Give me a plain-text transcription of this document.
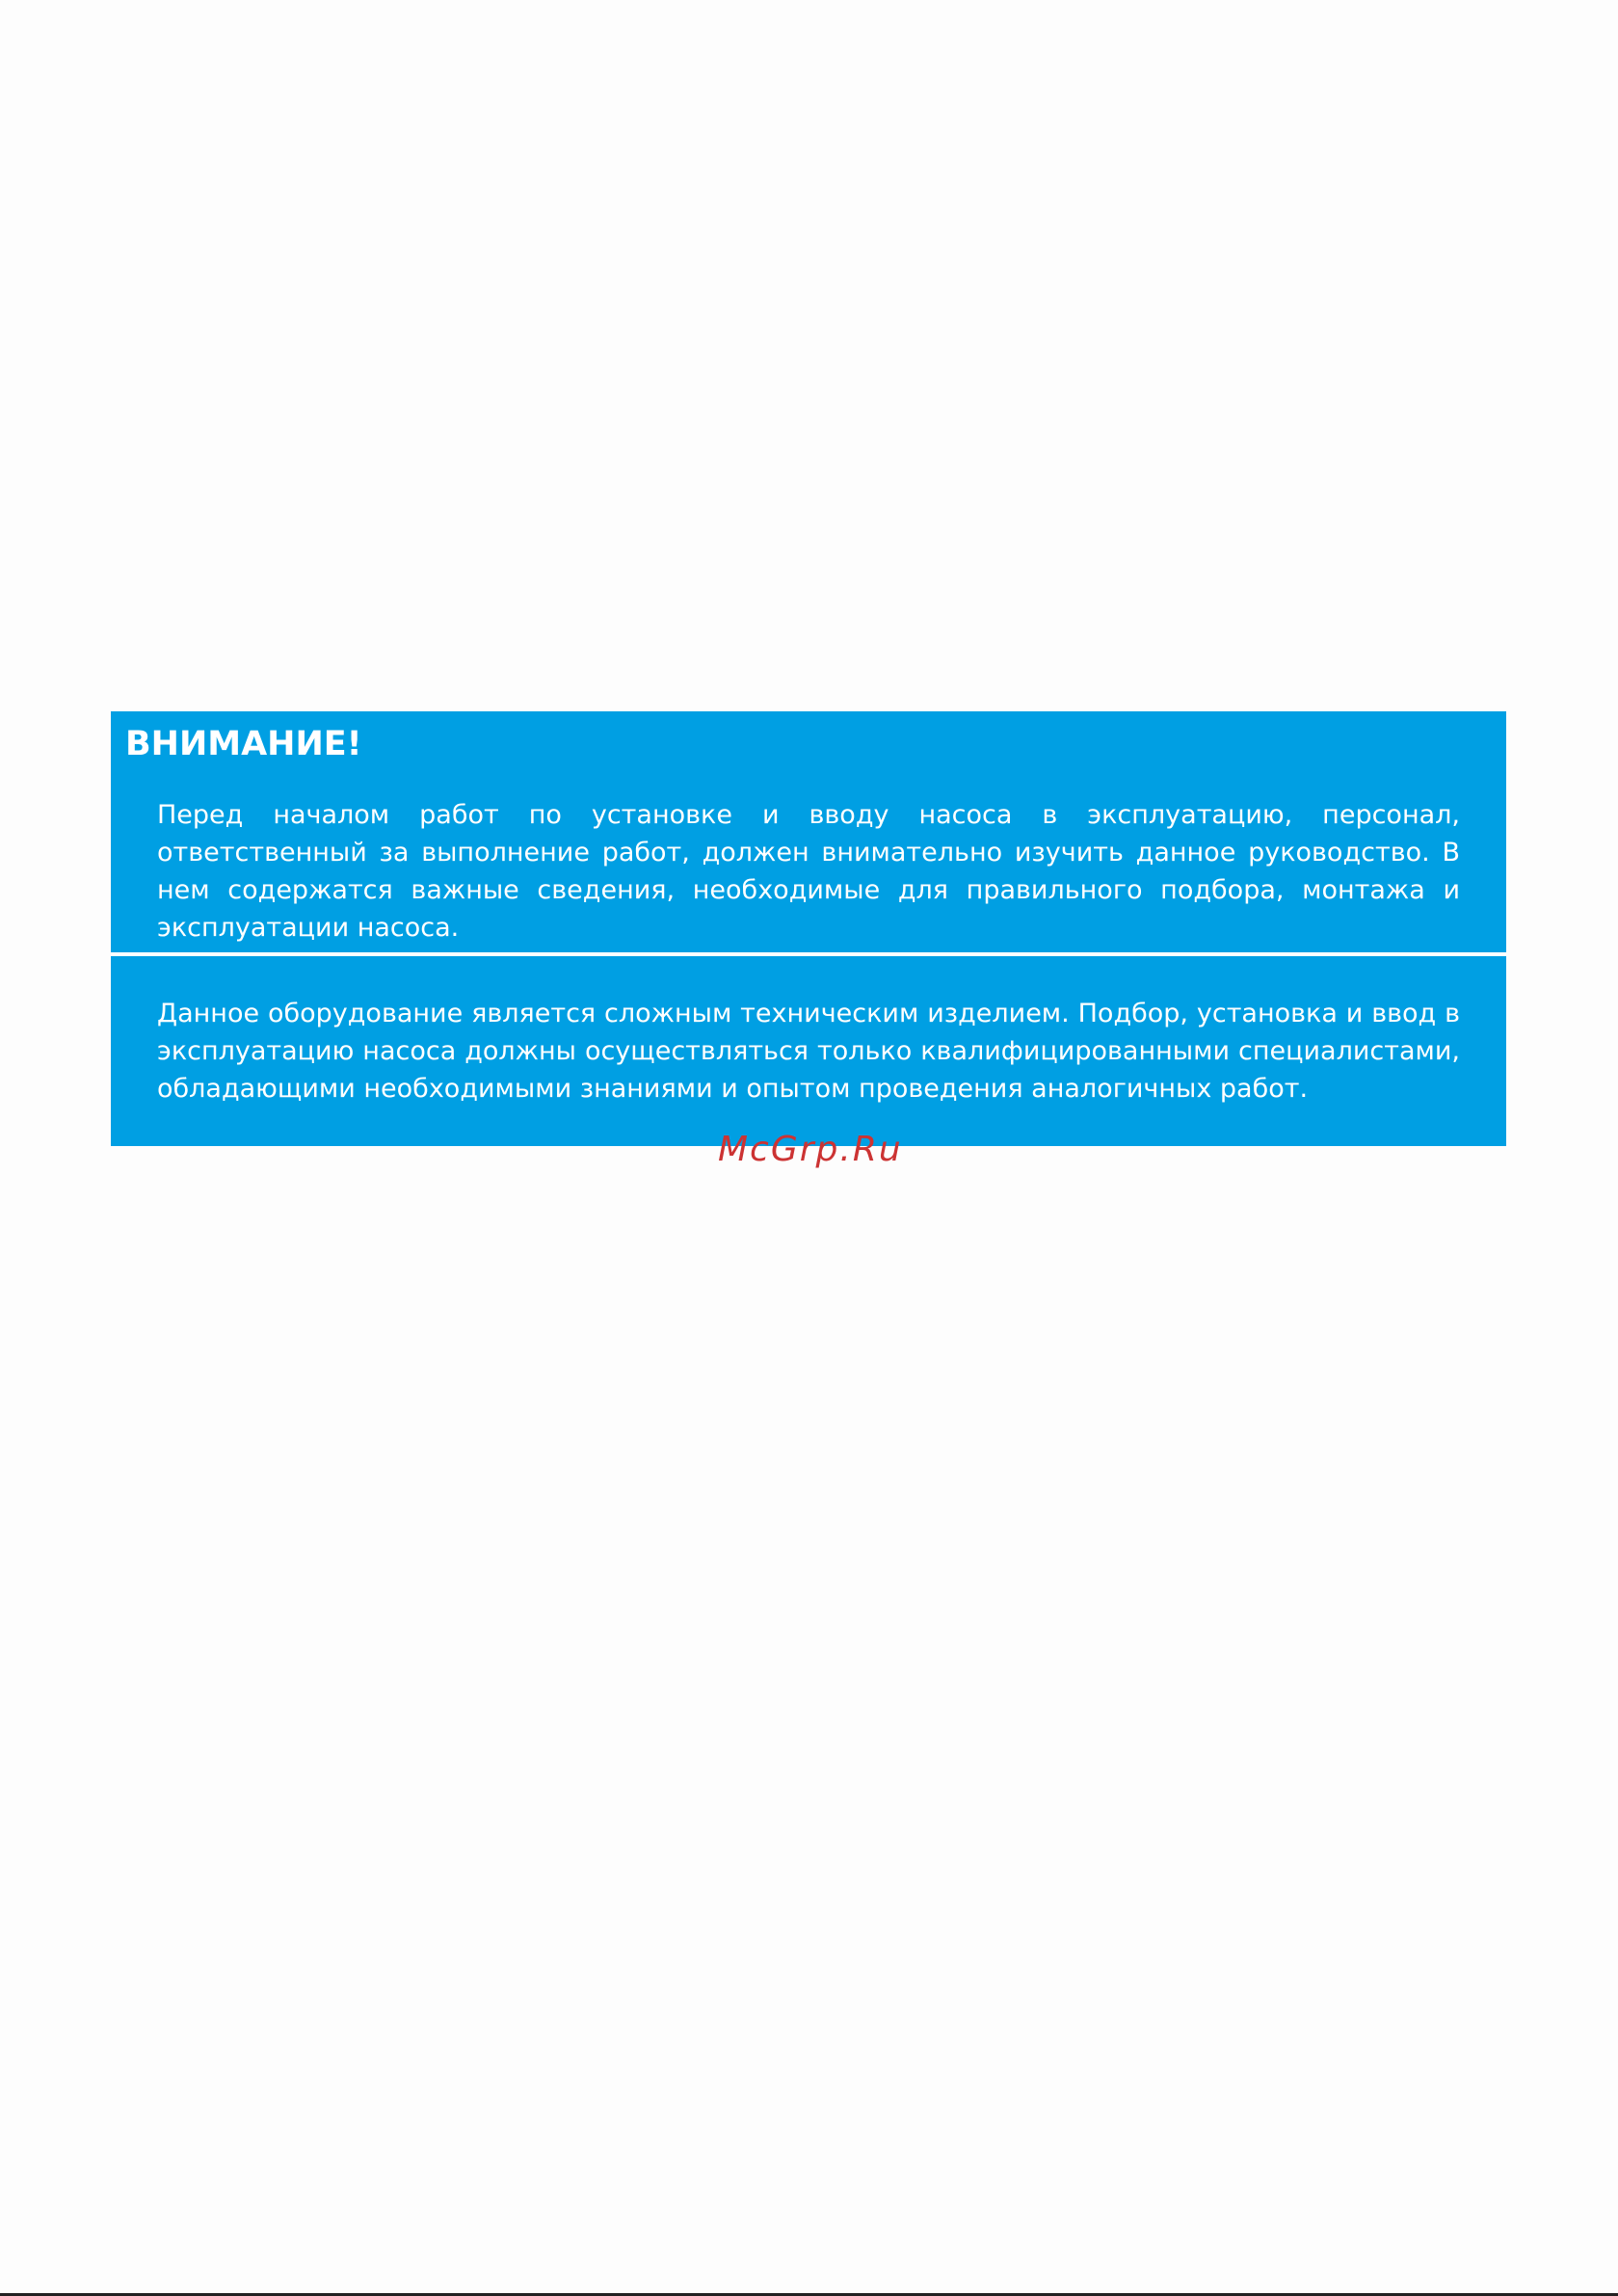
ВНИМАНИЕ!

Перед началом работ по установке и вводу насоса в эксплуатацию, персонал, ответственный за выполнение работ, должен внимательно изучить данное руководство. В нем содержатся важные сведения, необходимые для правильного подбора, монтажа и эксплуатации насоса.

Данное оборудование является сложным техническим изделием. Подбор, установка и ввод в эксплуатацию насоса должны осуществляться только квалифицированными специалистами, обладающими необходимыми знаниями и опытом проведения аналогичных работ.

McGrp.Ru
